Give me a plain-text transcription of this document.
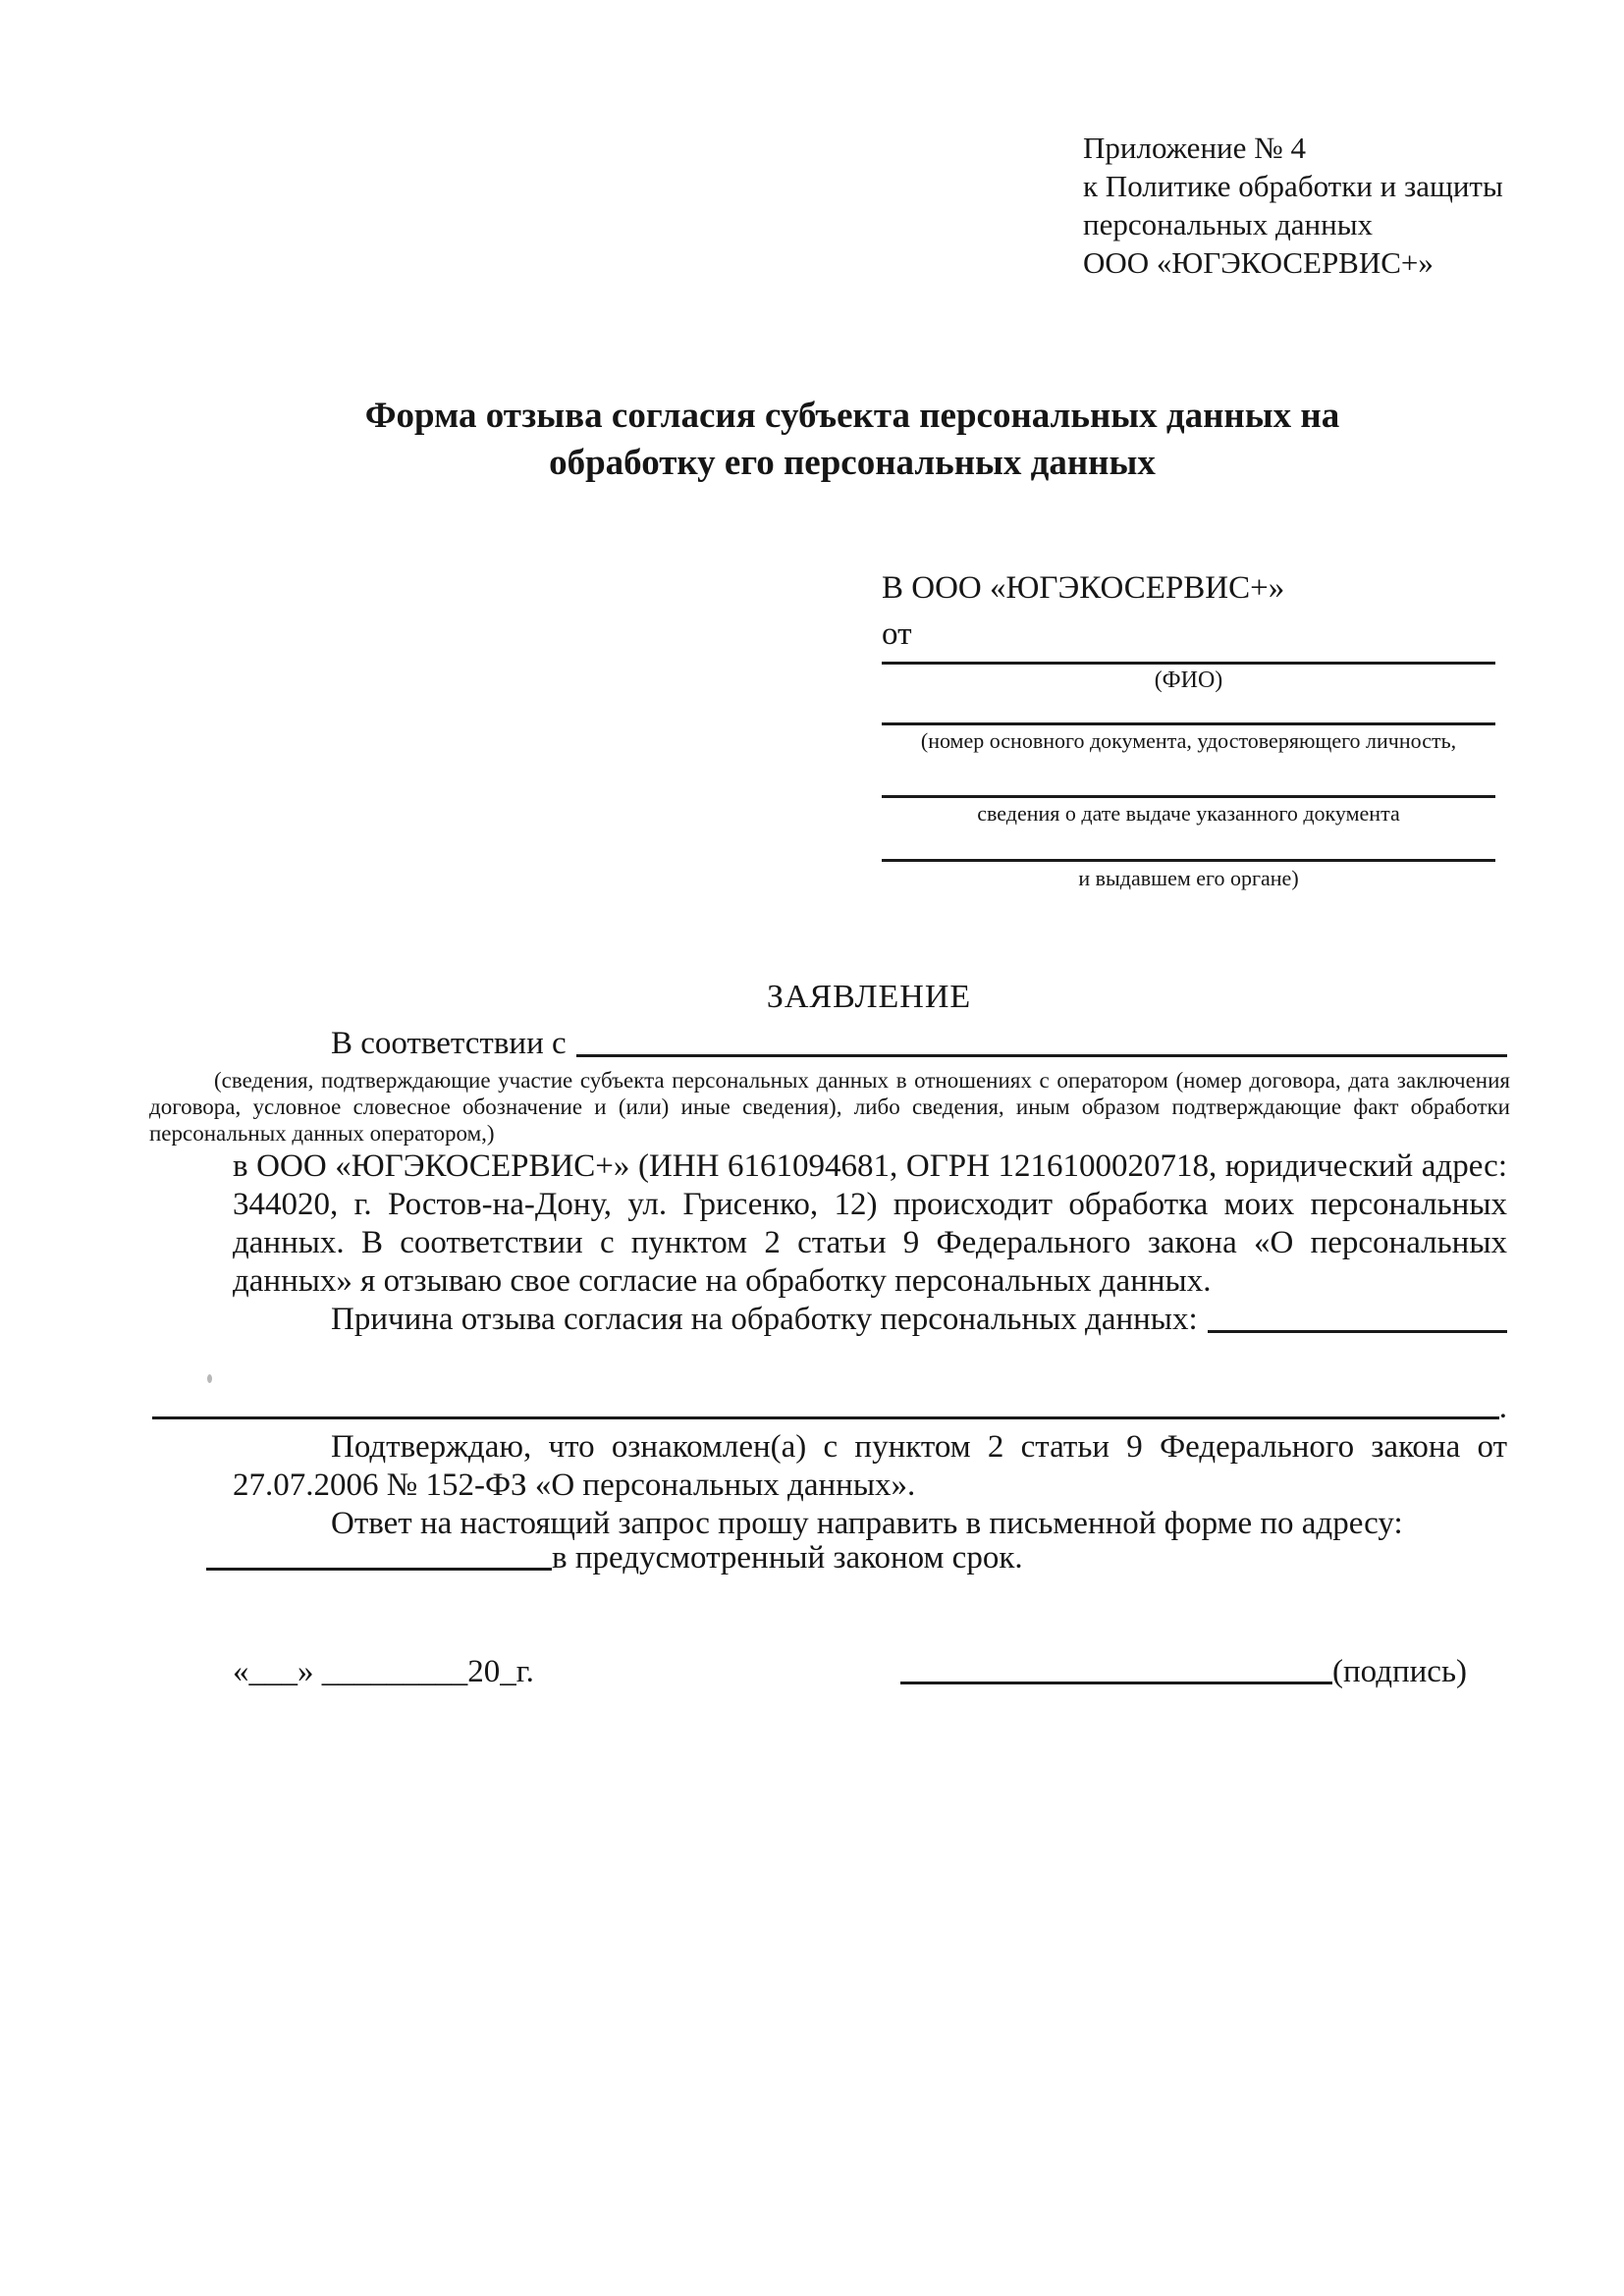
Приложение № 4
к Политике обработки и защиты
персональных данных
ООО «ЮГЭКОСЕРВИС+»
Форма отзыва согласия субъекта персональных данных на обработку его персональных данных
В ООО «ЮГЭКОСЕРВИС+»
от
(ФИО)
(номер основного документа, удостоверяющего личность,
сведения о дате выдаче указанного документа
и выдавшем его органе)
ЗАЯВЛЕНИЕ
В соответствии с
(сведения, подтверждающие участие субъекта персональных данных в отношениях с оператором (номер договора, дата заключения договора, условное словесное обозначение и (или) иные сведения), либо сведения, иным образом подтверждающие факт обработки персональных данных оператором,)
в ООО «ЮГЭКОСЕРВИС+» (ИНН 6161094681, ОГРН 1216100020718, юридический адрес: 344020, г. Ростов-на-Дону, ул. Грисенко, 12) происходит обработка моих персональных данных. В соответствии с пунктом 2 статьи 9 Федерального закона «О персональных данных» я отзываю свое согласие на обработку персональных данных.
Причина отзыва согласия на обработку персональных данных:
.
Подтверждаю, что ознакомлен(а) с пунктом 2 статьи 9 Федерального закона от 27.07.2006 № 152-ФЗ «О персональных данных».
Ответ на настоящий запрос прошу направить в письменной форме по адресу:
в предусмотренный законом срок.
«___» _________20_г.	(подпись)
